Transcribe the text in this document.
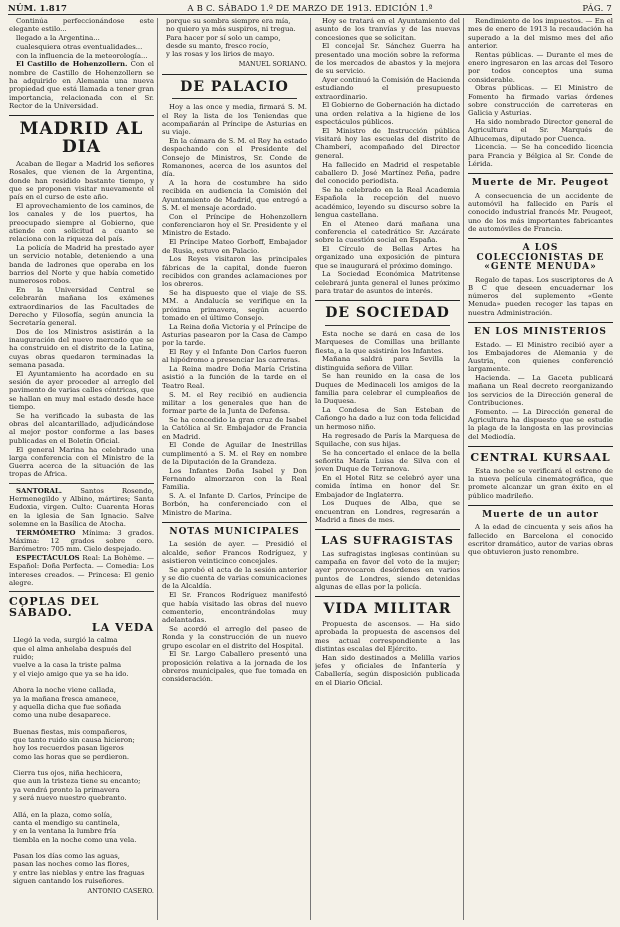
NÚM. 1.817	A B C. SÁBADO 1.º DE MARZO DE 1913. EDICIÓN 1.ª	PÁG. 7

Continúa perfeccionándose este elegante estilo...

llegado a la Argentina...

cualesquiera otras eventualidades...

con la influencia de la meteorología...

El Castillo de Hohenzollern. Con el nombre de Castillo de Hohenzollern se ha adquirido en Alemania una nueva propiedad que está llamada a tener gran importancia, relacionada con el Sr. Rector de la Universidad.

MADRID AL DIA

Acaban de llegar a Madrid los señores Rosales, que vienen de la Argentina, donde han residido bastante tiempo, y que se proponen visitar nuevamente el país en el curso de este año.

El aprovechamiento de los caminos, de los canales y de los puertos, ha preocupado siempre al Gobierno, que atiende con solicitud a cuanto se relaciona con la riqueza del país.

La policía de Madrid ha prestado ayer un servicio notable, deteniendo a una banda de ladrones que operaba en los barrios del Norte y que había cometido numerosos robos.

En la Universidad Central se celebrarán mañana los exámenes extraordinarios de las Facultades de Derecho y Filosofía, según anuncia la Secretaría general.

Dos de los Ministros asistirán a la inauguración del nuevo mercado que se ha construido en el distrito de la Latina, cuyas obras quedaron terminadas la semana pasada.

El Ayuntamiento ha acordado en su sesión de ayer proceder al arreglo del pavimento de varias calles céntricas, que se hallan en muy mal estado desde hace tiempo.

Se ha verificado la subasta de las obras del alcantarillado, adjudicándose al mejor postor conforme a las bases publicadas en el Boletín Oficial.

El general Marina ha celebrado una larga conferencia con el Ministro de la Guerra acerca de la situación de las tropas de África.

SANTORAL. Santos Rosendo, Hermenegildo y Albino, mártires; Santa Eudoxia, virgen. Culto: Cuarenta Horas en la iglesia de San Ignacio. Salve solemne en la Basílica de Atocha.

TERMÓMETRO Mínima: 3 grados. Máxima: 12 grados sobre cero. Barómetro: 705 mm. Cielo despejado.

ESPECTÁCULOS Real: La Bohème. — Español: Doña Perfecta. — Comedia: Los intereses creados. — Princesa: El genio alegre.

COPLAS DEL SÁBADO.
LA VEDA
Llegó la veda, surgió la calma
que el alma anhelaba después del ruido;
vuelve a la casa la triste palma
y el viejo amigo que ya se ha ido.

Ahora la noche viene callada,
ya la mañana fresca amanece,
y aquella dicha que fue soñada
como una nube desaparece.

Buenas fiestas, mis compañeros,
que tanto ruido sin causa hicieron;
hoy los recuerdos pasan ligeros
como las horas que se perdieron.

Cierra tus ojos, niña hechicera,
que aun la tristeza tiene su encanto;
ya vendrá pronto la primavera
y será nuevo nuestro quebranto.

Allá, en la plaza, como solía,
canta el mendigo su cantinela,
y en la ventana la lumbre fría
tiembla en la noche como una vela.

Pasan los días como las aguas,
pasan las noches como las flores,
y entre las nieblas y entre las fraguas
siguen cantando los ruiseñores.
ANTONIO CASERO.
porque su sombra siempre era mía,
no quiero ya más suspiros, ni tregua.
Para hacer por sí solo un campo,
desde su manto, fresco rocío,
y las rosas y los lirios de mayo.
MANUEL SORIANO.
DE PALACIO

Hoy a las once y media, firmará S. M. el Rey la lista de los Teniendas que acompañarán al Príncipe de Asturias en su viaje.

En la cámara de S. M. el Rey ha estado despachando con el Presidente del Consejo de Ministros, Sr. Conde de Romanones, acerca de los asuntos del día.

A la hora de costumbre ha sido recibida en audiencia la Comisión del Ayuntamiento de Madrid, que entregó a S. M. el mensaje acordado.

Con el Príncipe de Hohenzollern conferenciaron hoy el Sr. Presidente y el Ministro de Estado.

El Príncipe Mateo Gorboff, Embajador de Rusia, estuvo en Palacio.

Los Reyes visitaron las principales fábricas de la capital, donde fueron recibidos con grandes aclamaciones por los obreros.

Se ha dispuesto que el viaje de SS. MM. a Andalucía se verifique en la próxima primavera, según acuerdo tomado en el último Consejo.

La Reina doña Victoria y el Príncipe de Asturias pasearon por la Casa de Campo por la tarde.

El Rey y el Infante Don Carlos fueron al hipódromo a presenciar las carreras.

La Reina madre Doña María Cristina asistió a la función de la tarde en el Teatro Real.

S. M. el Rey recibió en audiencia militar a los generales que han de formar parte de la Junta de Defensa.

Se ha concedido la gran cruz de Isabel la Católica al Sr. Embajador de Francia en Madrid.

El Conde de Aguilar de Inestrillas cumplimentó a S. M. el Rey en nombre de la Diputación de la Grandeza.

Los Infantes Doña Isabel y Don Fernando almorzaron con la Real Familia.

S. A. el Infante D. Carlos, Príncipe de Borbón, ha conferenciado con el Ministro de Marina.

NOTAS MUNICIPALES

La sesión de ayer. — Presidió el alcalde, señor Francos Rodríguez, y asistieron veinticinco concejales.

Se aprobó el acta de la sesión anterior y se dio cuenta de varias comunicaciones de la Alcaldía.

El Sr. Francos Rodríguez manifestó que había visitado las obras del nuevo cementerio, encontrándolas muy adelantadas.

Se acordó el arreglo del paseo de Ronda y la construcción de un nuevo grupo escolar en el distrito del Hospital.

El Sr. Largo Caballero presentó una proposición relativa a la jornada de los obreros municipales, que fue tomada en consideración.

Hoy se tratará en el Ayuntamiento del asunto de los tranvías y de las nuevas concesiones que se solicitan.

El concejal Sr. Sánchez Guerra ha presentado una moción sobre la reforma de los mercados de abastos y la mejora de su servicio.

Ayer continuó la Comisión de Hacienda estudiando el presupuesto extraordinario.

El Gobierno de Gobernación ha dictado una orden relativa a la higiene de los espectáculos públicos.

El Ministro de Instrucción pública visitará hoy las escuelas del distrito de Chamberí, acompañado del Director general.

Ha fallecido en Madrid el respetable caballero D. José Martínez Peña, padre del conocido periodista.

Se ha celebrado en la Real Academia Española la recepción del nuevo académico, leyendo su discurso sobre la lengua castellana.

En el Ateneo dará mañana una conferencia el catedrático Sr. Azcárate sobre la cuestión social en España.

El Círculo de Bellas Artes ha organizado una exposición de pintura que se inaugurará el próximo domingo.

La Sociedad Económica Matritense celebrará junta general el lunes próximo para tratar de asuntos de interés.

DE SOCIEDAD

Esta noche se dará en casa de los Marqueses de Comillas una brillante fiesta, a la que asistirán los Infantes.

Mañana saldrá para Sevilla la distinguida señora de Villar.

Se han reunido en la casa de los Duques de Medinaceli los amigos de la familia para celebrar el cumpleaños de la Duquesa.

La Condesa de San Esteban de Cañongo ha dado a luz con toda felicidad un hermoso niño.

Ha regresado de París la Marquesa de Squilache, con sus hijas.

Se ha concertado el enlace de la bella señorita María Luisa de Silva con el joven Duque de Terranova.

En el Hotel Ritz se celebró ayer una comida íntima en honor del Sr. Embajador de Inglaterra.

Los Duques de Alba, que se encuentran en Londres, regresarán a Madrid a fines de mes.

LAS SUFRAGISTAS

Las sufragistas inglesas continúan su campaña en favor del voto de la mujer; ayer provocaron desórdenes en varios puntos de Londres, siendo detenidas algunas de ellas por la policía.

VIDA MILITAR

Propuesta de ascensos. — Ha sido aprobada la propuesta de ascensos del mes actual correspondiente a las distintas escalas del Ejército.

Han sido destinados a Melilla varios jefes y oficiales de Infantería y Caballería, según disposición publicada en el Diario Oficial.

Rendimiento de los impuestos. — En el mes de enero de 1913 la recaudación ha superado a la del mismo mes del año anterior.

Rentas públicas. — Durante el mes de enero ingresaron en las arcas del Tesoro por todos conceptos una suma considerable.

Obras públicas. — El Ministro de Fomento ha firmado varias órdenes sobre construcción de carreteras en Galicia y Asturias.

Ha sido nombrado Director general de Agricultura el Sr. Marqués de Alhucemas, diputado por Cuenca.

Licencia. — Se ha concedido licencia para Francia y Bélgica al Sr. Conde de Lérida.

Muerte de Mr. Peugeot

A consecuencia de un accidente de automóvil ha fallecido en París el conocido industrial francés Mr. Peugeot, uno de los más importantes fabricantes de automóviles de Francia.

A LOS COLECCIONISTAS DE «GENTE MENUDA»

Regalo de tapas. Los suscriptores de A B C que deseen encuadernar los números del suplemento «Gente Menuda» pueden recoger las tapas en nuestra Administración.

EN LOS MINISTERIOS

Estado. — El Ministro recibió ayer a los Embajadores de Alemania y de Austria, con quienes conferenció largamente.

Hacienda. — La Gaceta publicará mañana un Real decreto reorganizando los servicios de la Dirección general de Contribuciones.

Fomento. — La Dirección general de Agricultura ha dispuesto que se estudie la plaga de la langosta en las provincias del Mediodía.

CENTRAL KURSAAL

Esta noche se verificará el estreno de la nueva película cinematográfica, que promete alcanzar un gran éxito en el público madrileño.

Muerte de un autor

A la edad de cincuenta y seis años ha fallecido en Barcelona el conocido escritor dramático, autor de varias obras que obtuvieron justo renombre.
